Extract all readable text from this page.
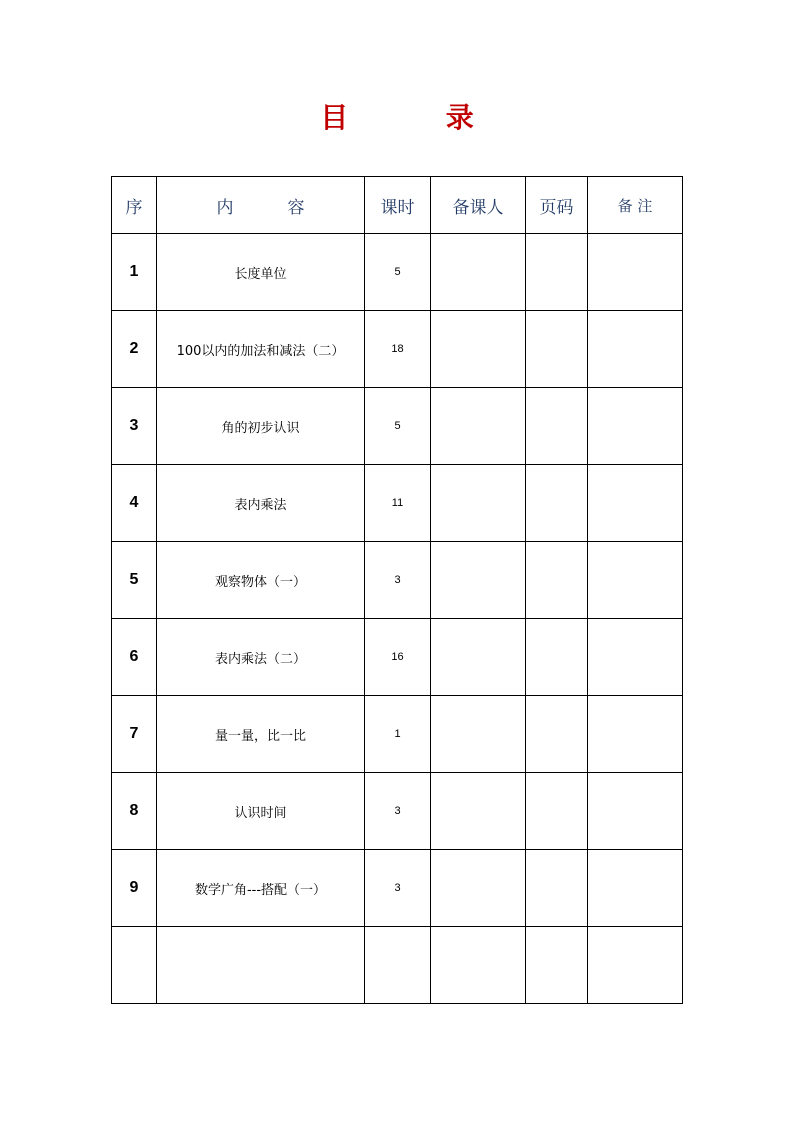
目          录
序	内          容	课时	备课人	页码	备 注
1	长度单位	5			
2	100以内的加法和减法（二）	18			
3	角的初步认识	5			
4	表内乘法	11			
5	观察物体（一）	3			
6	表内乘法（二）	16			
7	量一量，比一比	1			
8	认识时间	3			
9	数学广角---搭配（一）	3			
